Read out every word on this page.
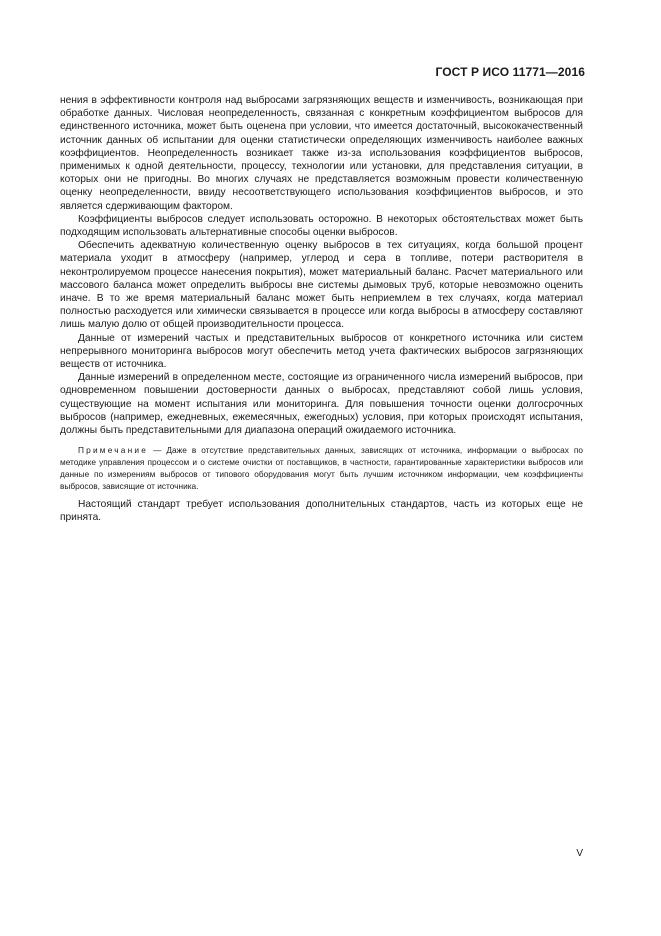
ГОСТ Р ИСО 11771—2016

нения в эффективности контроля над выбросами загрязняющих веществ и изменчивость, возникающая при обработке данных. Числовая неопределенность, связанная с конкретным коэффициентом выбросов для единственного источника, может быть оценена при условии, что имеется достаточный, высококачественный источник данных об испытании для оценки статистически определяющих изменчивость наиболее важных коэффициентов. Неопределенность возникает также из-за использования коэффициентов выбросов, применимых к одной деятельности, процессу, технологии или установки, для представления ситуации, в которых они не пригодны. Во многих случаях не представляется возможным провести количественную оценку неопределенности, ввиду несоответствующего использования коэффициентов выбросов, и это является сдерживающим фактором.

Коэффициенты выбросов следует использовать осторожно. В некоторых обстоятельствах может быть подходящим использовать альтернативные способы оценки выбросов.

Обеспечить адекватную количественную оценку выбросов в тех ситуациях, когда большой процент материала уходит в атмосферу (например, углерод и сера в топливе, потери растворителя в неконтролируемом процессе нанесения покрытия), может материальный баланс. Расчет материального или массового баланса может определить выбросы вне системы дымовых труб, которые невозможно оценить иначе. В то же время материальный баланс может быть неприемлем в тех случаях, когда материал полностью расходуется или химически связывается в процессе или когда выбросы в атмосферу составляют лишь малую долю от общей производительности процесса.

Данные от измерений частых и представительных выбросов от конкретного источника или систем непрерывного мониторинга выбросов могут обеспечить метод учета фактических выбросов загрязняющих веществ от источника.

Данные измерений в определенном месте, состоящие из ограниченного числа измерений выбросов, при одновременном повышении достоверности данных о выбросах, представляют собой лишь условия, существующие на момент испытания или мониторинга. Для повышения точности оценки долгосрочных выбросов (например, ежедневных, ежемесячных, ежегодных) условия, при которых происходят испытания, должны быть представительными для диапазона операций ожидаемого источника.

Примечание — Даже в отсутствие представительных данных, зависящих от источника, информации о выбросах по методике управления процессом и о системе очистки от поставщиков, в частности, гарантированные характеристики выбросов или данные по измерениям выбросов от типового оборудования могут быть лучшим источником информации, чем коэффициенты выбросов, зависящие от источника.

Настоящий стандарт требует использования дополнительных стандартов, часть из которых еще не принята.

V
